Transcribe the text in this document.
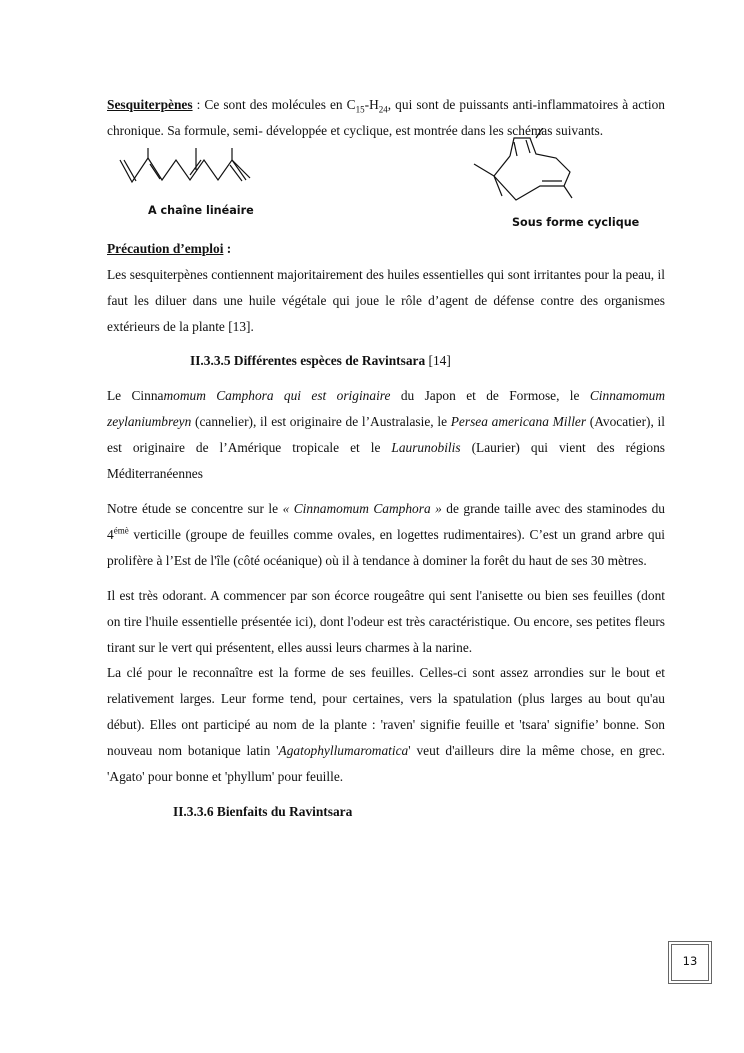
Sesquiterpènes : Ce sont des molécules en $C_{15}-H_{24}$, qui sont de puissants anti-inflammatoires à action chronique. Sa formule, semi- développée et cyclique, est montrée dans les schémas suivants.

A chaîne linéaire
Sous forme cyclique

Précaution d’emploi :

Les sesquiterpènes contiennent majoritairement des huiles essentielles qui sont irritantes pour la peau, il faut les diluer dans une huile végétale qui joue le rôle d’agent de défense contre des organismes extérieurs de la plante [13].

II.3.3.5 Différentes espèces de Ravintsara [14]

Le Cinnamomum Camphora qui est originaire du Japon et de Formose, le Cinnamomum zeylaniumbreyn (cannelier), il est originaire de l’Australasie, le Persea americana Miller (Avocatier), il est originaire de l’Amérique tropicale et le Laurunobilis (Laurier) qui vient des régions Méditerranéennes

Notre étude se concentre sur le « Cinnamomum Camphora » de grande taille avec des staminodes du $4^{émè}$ verticille (groupe de feuilles comme ovales, en logettes rudimentaires). C’est un grand arbre qui prolifère à l’Est de l'île (côté océanique) où il à tendance à dominer la forêt du haut de ses 30 mètres.

Il est très odorant. A commencer par son écorce rougeâtre qui sent l'anisette ou bien ses feuilles (dont on tire l'huile essentielle présentée ici), dont l'odeur est très caractéristique. Ou encore, ses petites fleurs tirant sur le vert qui présentent, elles aussi leurs charmes à la narine.

La clé pour le reconnaître est la forme de ses feuilles. Celles-ci sont assez arrondies sur le bout et relativement larges. Leur forme tend, pour certaines, vers la spatulation (plus larges au bout qu'au début). Elles ont participé au nom de la plante : 'raven' signifie feuille et 'tsara' signifie’ bonne. Son nouveau nom botanique latin 'Agatophyllumaromatica' veut d'ailleurs dire la même chose, en grec. 'Agato' pour bonne et 'phyllum' pour feuille.

II.3.3.6 Bienfaits du Ravintsara

13
